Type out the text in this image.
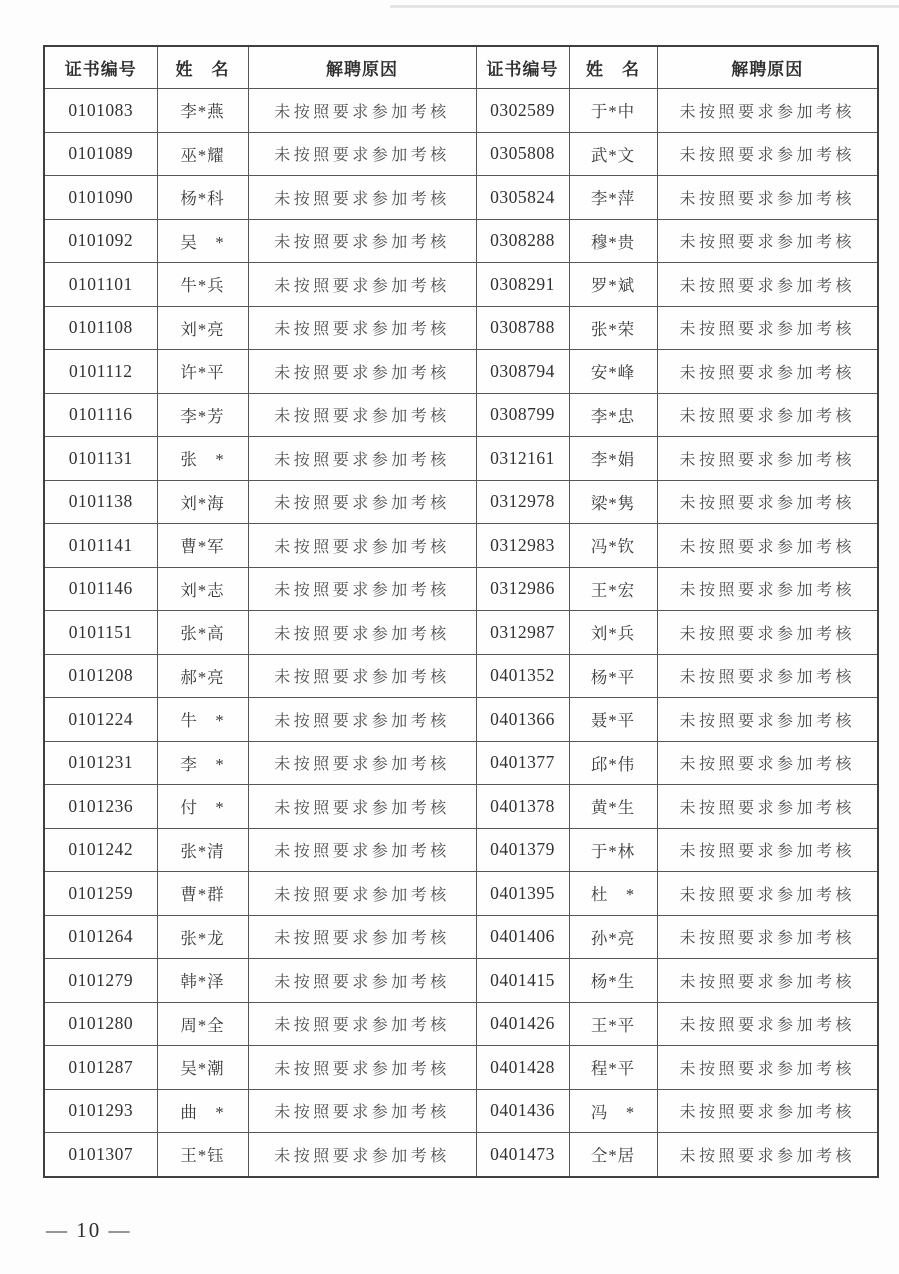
证书编号	姓　名	解聘原因	证书编号	姓　名	解聘原因
0101083	李*燕	未按照要求参加考核	0302589	于*中	未按照要求参加考核
0101089	巫*耀	未按照要求参加考核	0305808	武*文	未按照要求参加考核
0101090	杨*科	未按照要求参加考核	0305824	李*萍	未按照要求参加考核
0101092	吴　*	未按照要求参加考核	0308288	穆*贵	未按照要求参加考核
0101101	牛*兵	未按照要求参加考核	0308291	罗*斌	未按照要求参加考核
0101108	刘*亮	未按照要求参加考核	0308788	张*荣	未按照要求参加考核
0101112	许*平	未按照要求参加考核	0308794	安*峰	未按照要求参加考核
0101116	李*芳	未按照要求参加考核	0308799	李*忠	未按照要求参加考核
0101131	张　*	未按照要求参加考核	0312161	李*娟	未按照要求参加考核
0101138	刘*海	未按照要求参加考核	0312978	梁*隽	未按照要求参加考核
0101141	曹*军	未按照要求参加考核	0312983	冯*钦	未按照要求参加考核
0101146	刘*志	未按照要求参加考核	0312986	王*宏	未按照要求参加考核
0101151	张*高	未按照要求参加考核	0312987	刘*兵	未按照要求参加考核
0101208	郝*亮	未按照要求参加考核	0401352	杨*平	未按照要求参加考核
0101224	牛　*	未按照要求参加考核	0401366	聂*平	未按照要求参加考核
0101231	李　*	未按照要求参加考核	0401377	邱*伟	未按照要求参加考核
0101236	付　*	未按照要求参加考核	0401378	黄*生	未按照要求参加考核
0101242	张*清	未按照要求参加考核	0401379	于*林	未按照要求参加考核
0101259	曹*群	未按照要求参加考核	0401395	杜　*	未按照要求参加考核
0101264	张*龙	未按照要求参加考核	0401406	孙*亮	未按照要求参加考核
0101279	韩*泽	未按照要求参加考核	0401415	杨*生	未按照要求参加考核
0101280	周*全	未按照要求参加考核	0401426	王*平	未按照要求参加考核
0101287	吴*潮	未按照要求参加考核	0401428	程*平	未按照要求参加考核
0101293	曲　*	未按照要求参加考核	0401436	冯　*	未按照要求参加考核
0101307	王*钰	未按照要求参加考核	0401473	仝*居	未按照要求参加考核
— 10 —
